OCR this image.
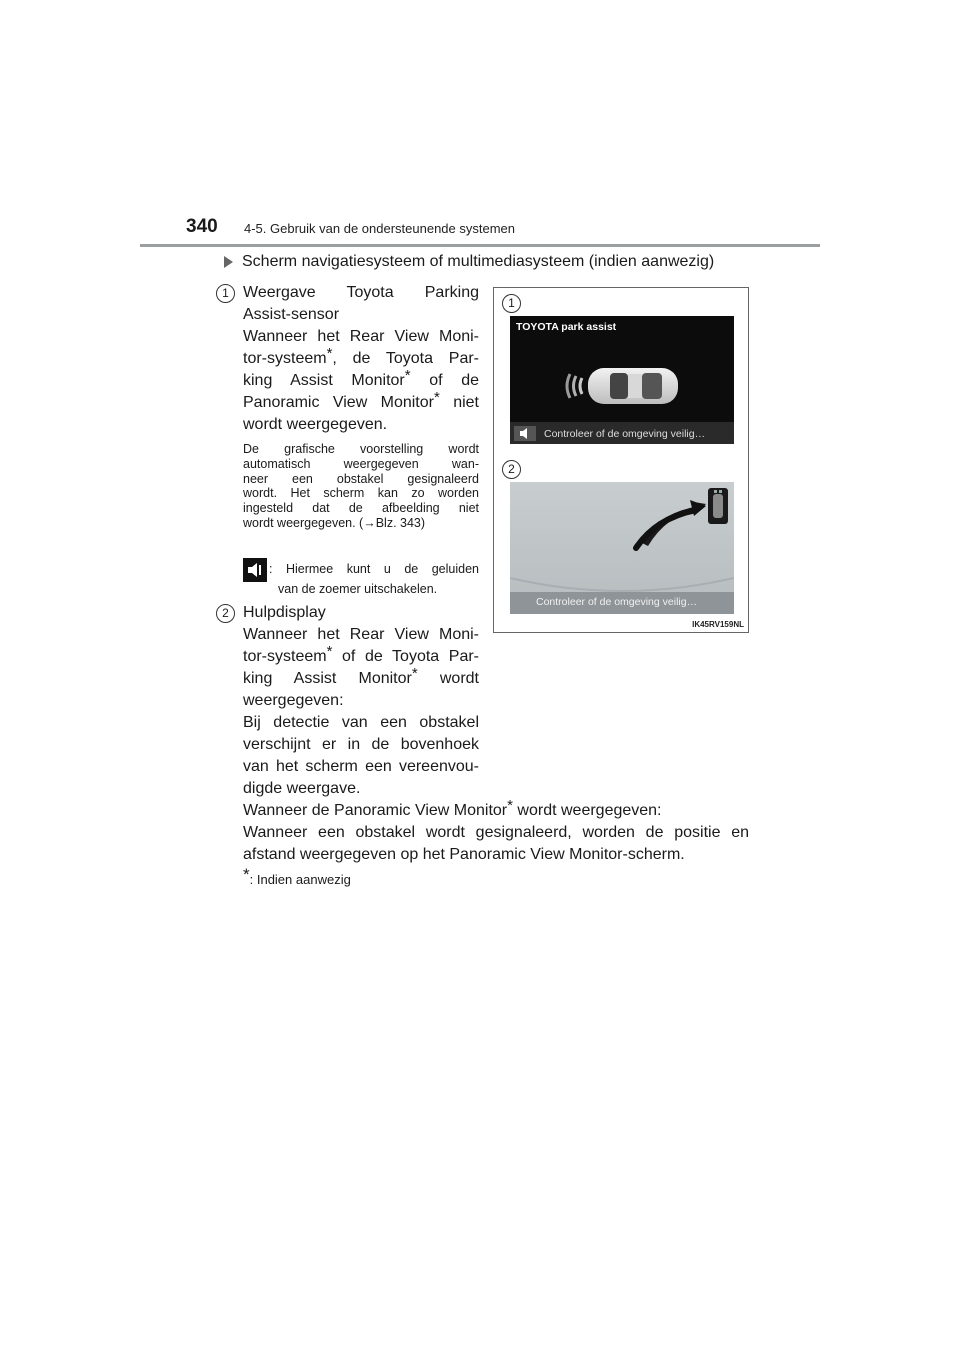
340 4-5. Gebruik van de ondersteunende systemen
Scherm navigatiesysteem of multimediasysteem (indien aanwezig)
1 Weergave Toyota Parking
Assist-sensor
Wanneer het Rear View Moni-
tor-systeem*, de Toyota Par-
king Assist Monitor* of de
Panoramic View Monitor* niet
wordt weergegeven.
De grafische voorstelling wordt
automatisch weergegeven wan-
neer een obstakel gesignaleerd
wordt. Het scherm kan zo worden
ingesteld dat de afbeelding niet
wordt weergegeven. (→Blz. 343)
: Hiermee kunt u de geluiden
van de zoemer uitschakelen.
2 Hulpdisplay
Wanneer het Rear View Moni-
tor-systeem* of de Toyota Par-
king Assist Monitor* wordt
weergegeven:
Bij detectie van een obstakel
verschijnt er in de bovenhoek
van het scherm een vereenvou-
digde weergave.
Wanneer de Panoramic View Monitor* wordt weergegeven:
Wanneer een obstakel wordt gesignaleerd, worden de positie en
afstand weergegeven op het Panoramic View Monitor-scherm.
*: Indien aanwezig
1
TOYOTA park assist
Controleer of de omgeving veilig…
2
Controleer of de omgeving veilig…
IK45RV159NL
